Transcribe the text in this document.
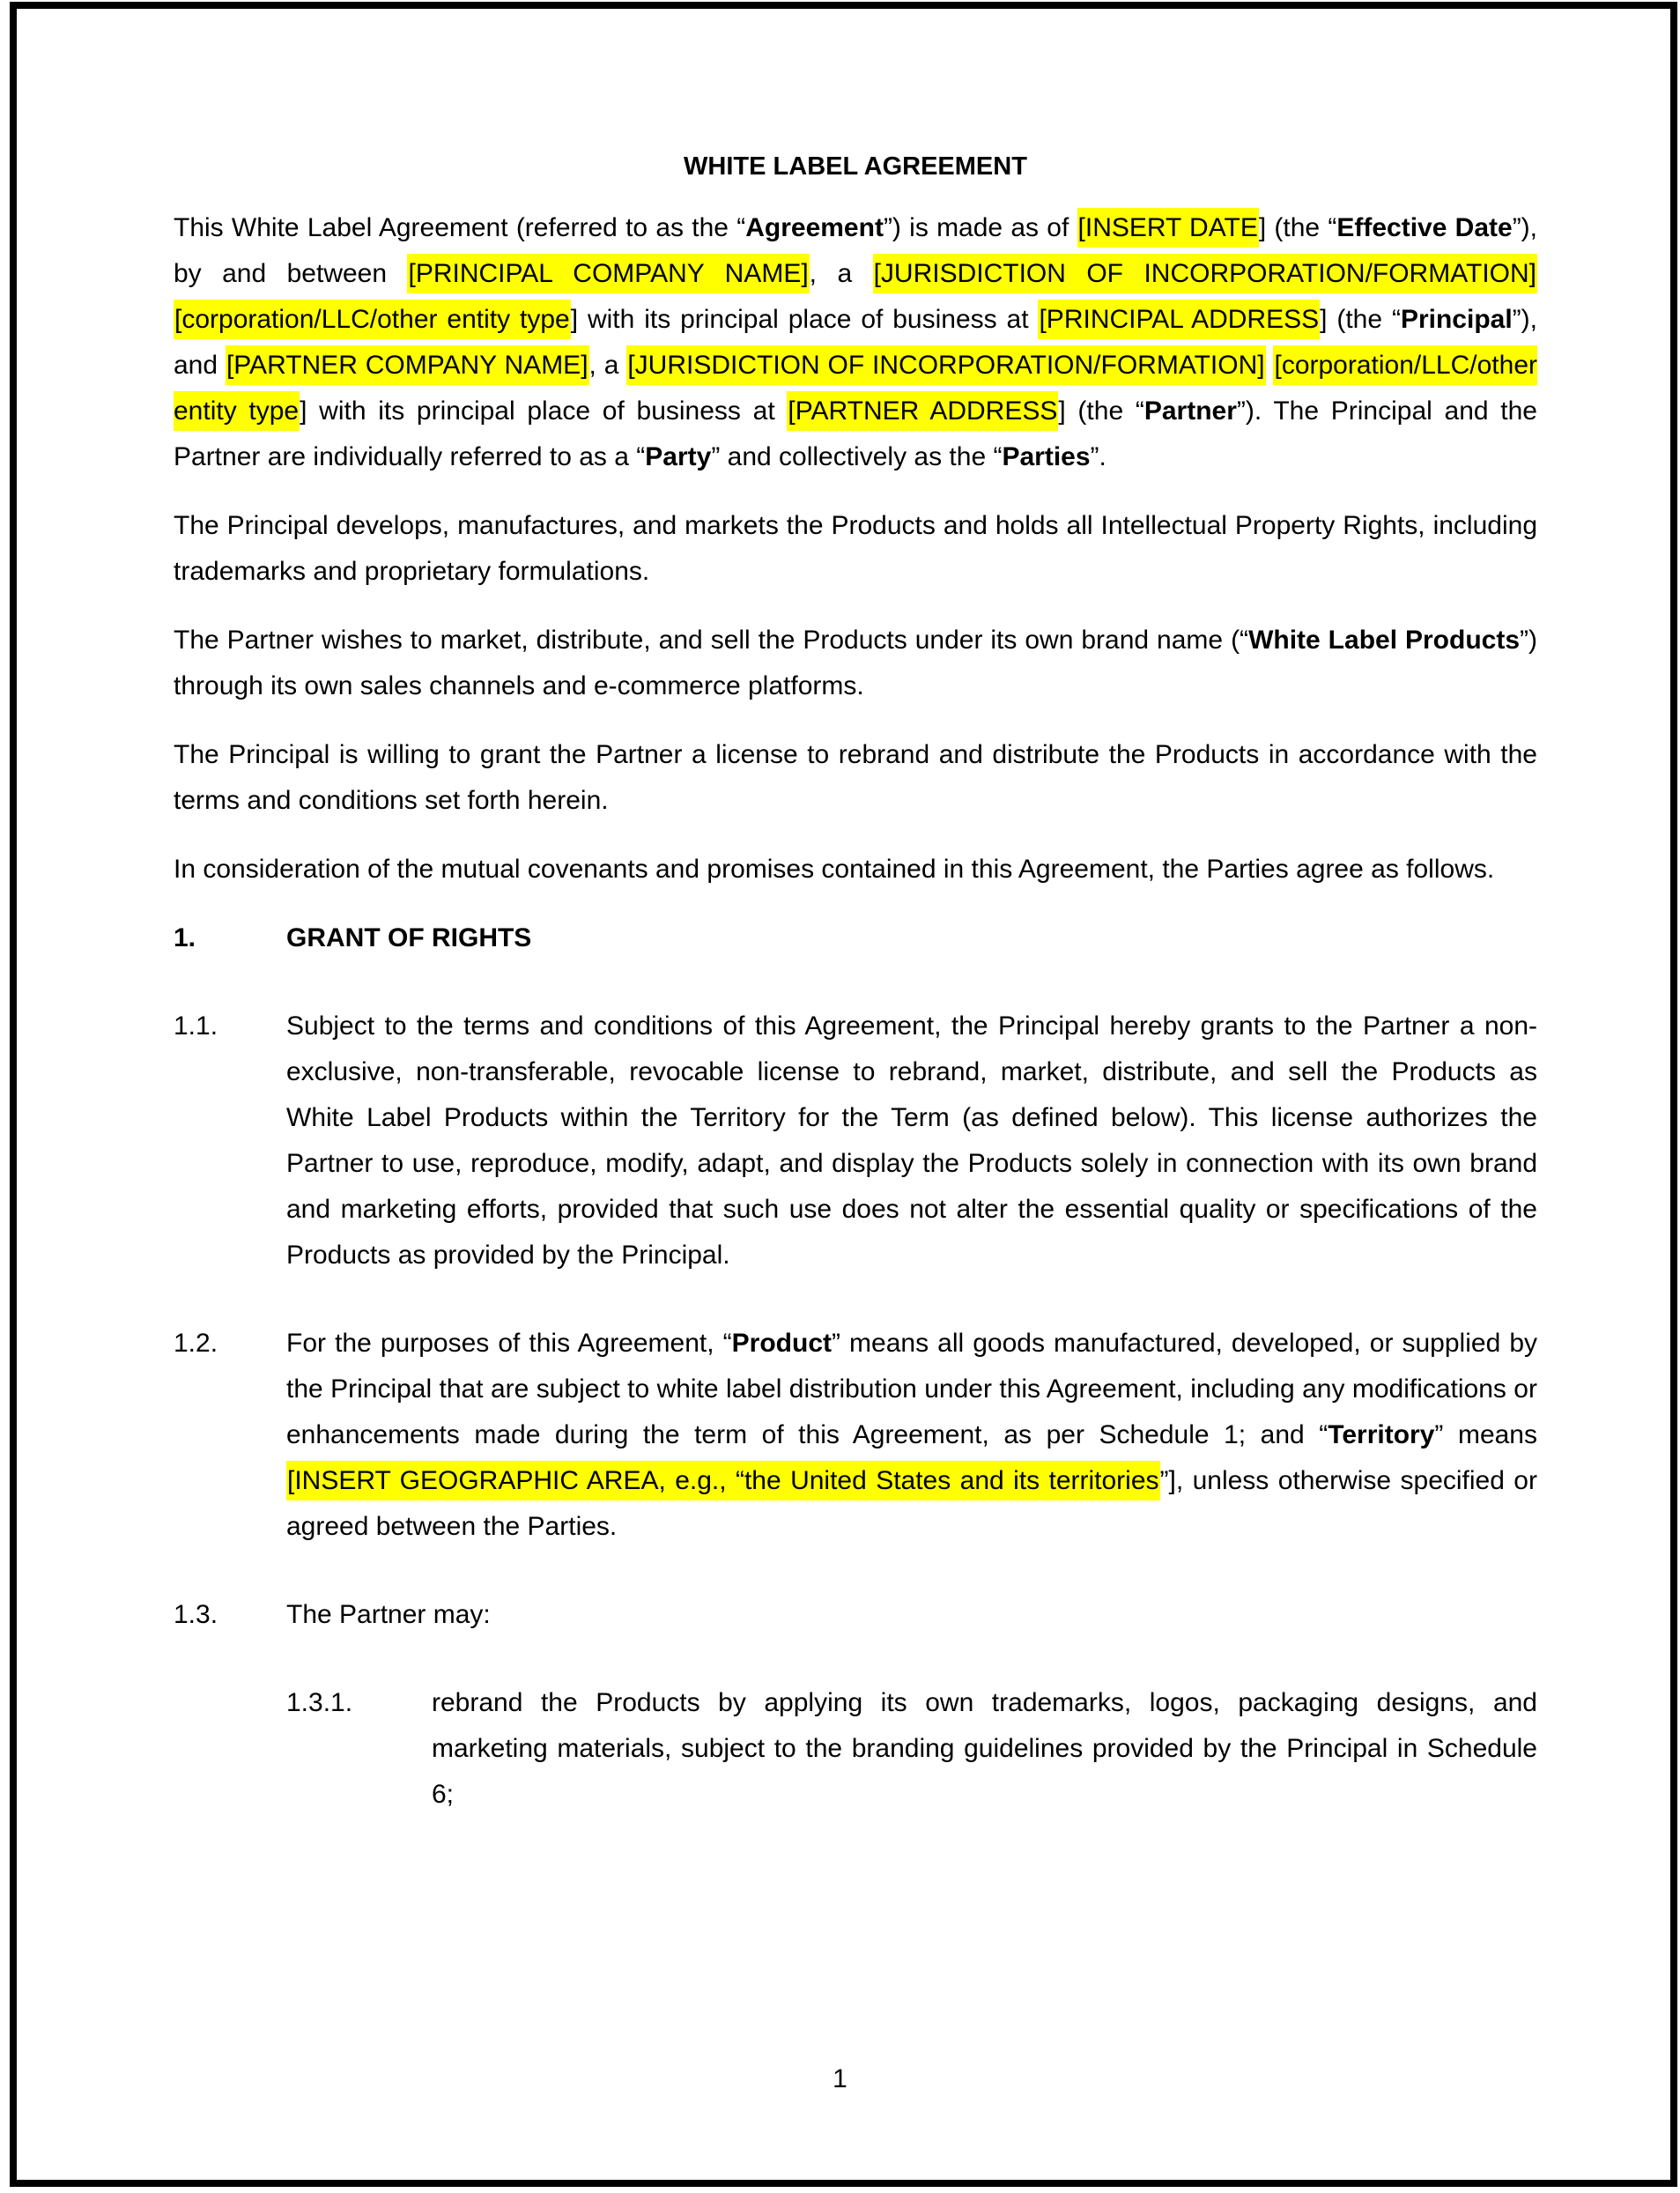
WHITE LABEL AGREEMENT

This White Label Agreement (referred to as the “Agreement”) is made as of [INSERT DATE] (the “Effective Date”), by and between [PRINCIPAL COMPANY NAME], a [JURISDICTION OF INCORPORATION/FORMATION] [corporation/LLC/other entity type] with its principal place of business at [PRINCIPAL ADDRESS] (the “Principal”), and [PARTNER COMPANY NAME], a [JURISDICTION OF INCORPORATION/FORMATION] [corporation/LLC/other entity type] with its principal place of business at [PARTNER ADDRESS] (the “Partner”). The Principal and the Partner are individually referred to as a “Party” and collectively as the “Parties”.

The Principal develops, manufactures, and markets the Products and holds all Intellectual Property Rights, including trademarks and proprietary formulations.

The Partner wishes to market, distribute, and sell the Products under its own brand name (“White Label Products”) through its own sales channels and e-commerce platforms.

The Principal is willing to grant the Partner a license to rebrand and distribute the Products in accordance with the terms and conditions set forth herein.

In consideration of the mutual covenants and promises contained in this Agreement, the Parties agree as follows.

1.	GRANT OF RIGHTS
1.1.	Subject to the terms and conditions of this Agreement, the Principal hereby grants to the Partner a non-exclusive, non-transferable, revocable license to rebrand, market, distribute, and sell the Products as White Label Products within the Territory for the Term (as defined below). This license authorizes the Partner to use, reproduce, modify, adapt, and display the Products solely in connection with its own brand and marketing efforts, provided that such use does not alter the essential quality or specifications of the Products as provided by the Principal.
1.2.	For the purposes of this Agreement, “Product” means all goods manufactured, developed, or supplied by the Principal that are subject to white label distribution under this Agreement, including any modifications or enhancements made during the term of this Agreement, as per Schedule 1; and “Territory” means [INSERT GEOGRAPHIC AREA, e.g., “the United States and its territories”], unless otherwise specified or agreed between the Parties.
1.3.	The Partner may:
1.3.1.	rebrand the Products by applying its own trademarks, logos, packaging designs, and marketing materials, subject to the branding guidelines provided by the Principal in Schedule 6;
1
